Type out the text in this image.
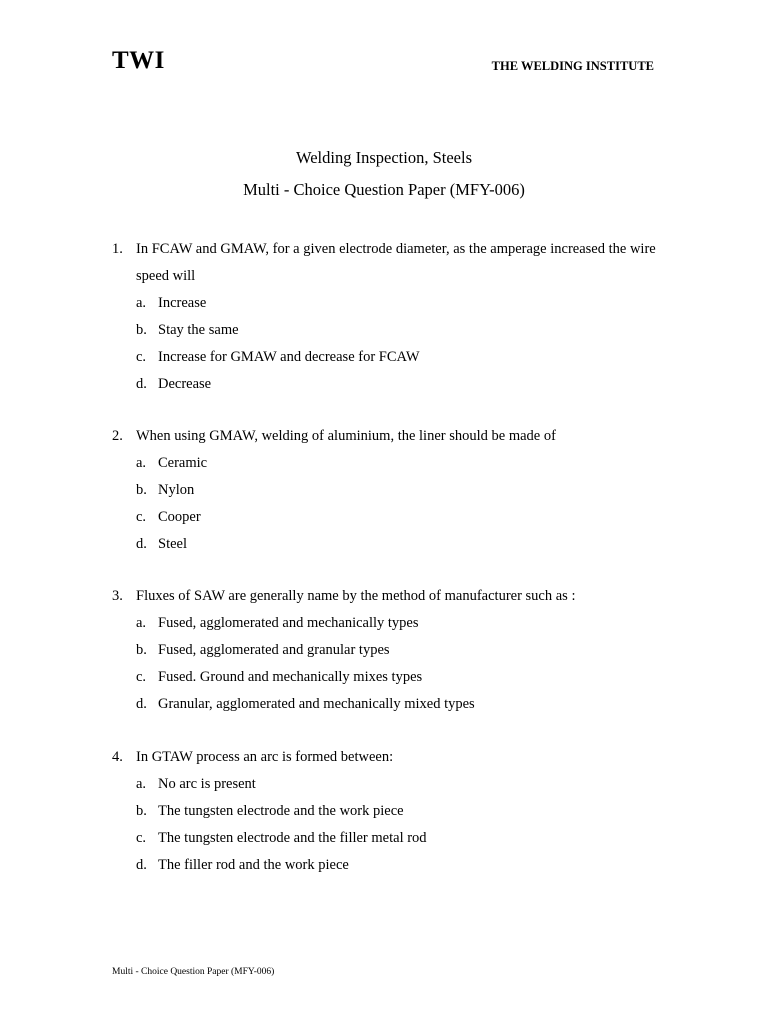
TWI	THE WELDING INSTITUTE
Welding Inspection, Steels
Multi - Choice Question Paper (MFY-006)
1. In FCAW and GMAW, for a given electrode diameter, as the amperage increased the wire speed will
a. Increase
b. Stay the same
c. Increase for GMAW and decrease for FCAW
d. Decrease
2. When using GMAW, welding of aluminium, the liner should be made of
a. Ceramic
b. Nylon
c. Cooper
d. Steel
3. Fluxes of SAW are generally name by the method of manufacturer such as :
a. Fused, agglomerated and mechanically types
b. Fused, agglomerated and granular types
c. Fused. Ground and mechanically mixes types
d. Granular, agglomerated and mechanically mixed types
4. In GTAW process an arc is formed between:
a. No arc is present
b. The tungsten electrode and the work piece
c. The tungsten electrode and the filler metal rod
d. The filler rod and the work piece
Multi - Choice Question Paper (MFY-006)
